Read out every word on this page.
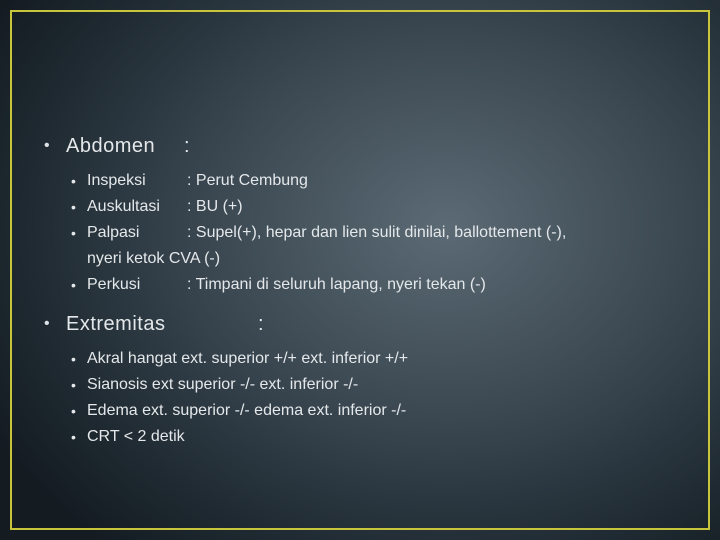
• Abdomen :
• Inspeksi	: Perut Cembung
• Auskultasi : BU (+)
• Palpasi	: Supel(+), hepar dan lien sulit dinilai, ballottement (-),
nyeri ketok CVA (-)
• Perkusi	: Timpani di seluruh lapang, nyeri tekan (-)
• Extremitas	:
• Akral hangat ext. superior +/+ ext. inferior +/+
• Sianosis ext superior -/- ext. inferior -/-
• Edema ext. superior -/- edema ext. inferior -/-
• CRT < 2 detik
